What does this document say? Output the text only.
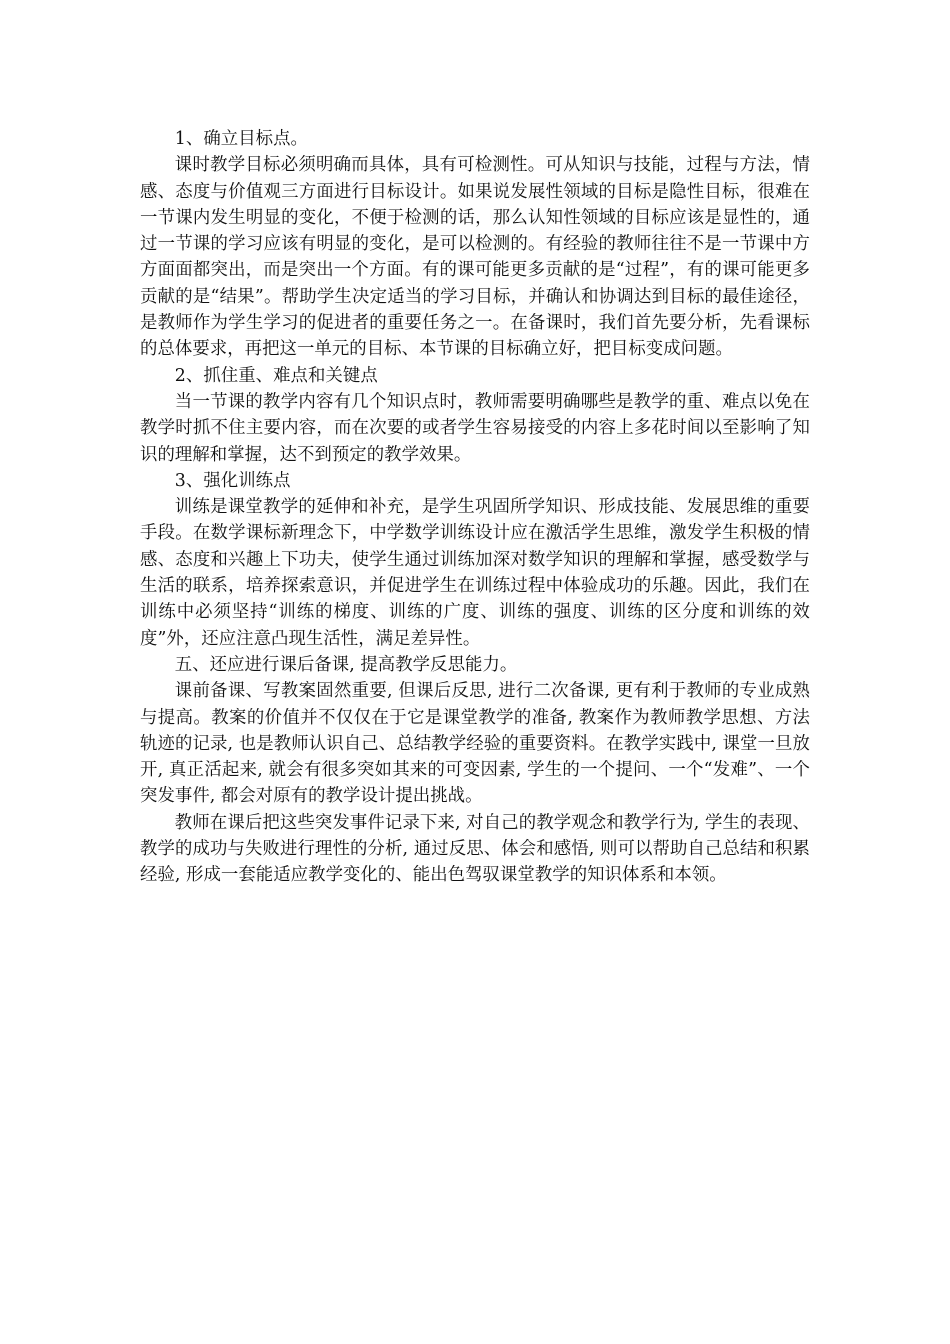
1、确立目标点。

课时教学目标必须明确而具体，具有可检测性。可从知识与技能，过程与方法，情感、态度与价值观三方面进行目标设计。如果说发展性领域的目标是隐性目标，很难在一节课内发生明显的变化，不便于检测的话，那么认知性领域的目标应该是显性的，通过一节课的学习应该有明显的变化，是可以检测的。有经验的教师往往不是一节课中方方面面都突出，而是突出一个方面。有的课可能更多贡献的是“过程”，有的课可能更多贡献的是“结果”。帮助学生决定适当的学习目标，并确认和协调达到目标的最佳途径，是教师作为学生学习的促进者的重要任务之一。在备课时，我们首先要分析，先看课标的总体要求，再把这一单元的目标、本节课的目标确立好，把目标变成问题。

2、抓住重、难点和关键点

当一节课的教学内容有几个知识点时，教师需要明确哪些是教学的重、难点以免在教学时抓不住主要内容，而在次要的或者学生容易接受的内容上多花时间以至影响了知识的理解和掌握，达不到预定的教学效果。

3、强化训练点

训练是课堂教学的延伸和补充，是学生巩固所学知识、形成技能、发展思维的重要手段。在数学课标新理念下，中学数学训练设计应在激活学生思维，激发学生积极的情感、态度和兴趣上下功夫，使学生通过训练加深对数学知识的理解和掌握，感受数学与生活的联系，培养探索意识，并促进学生在训练过程中体验成功的乐趣。因此，我们在训练中必须坚持“训练的梯度、训练的广度、训练的强度、训练的区分度和训练的效度”外，还应注意凸现生活性，满足差异性。

五、还应进行课后备课, 提高教学反思能力。

课前备课、写教案固然重要, 但课后反思, 进行二次备课, 更有利于教师的专业成熟与提高。教案的价值并不仅仅在于它是课堂教学的准备, 教案作为教师教学思想、方法轨迹的记录, 也是教师认识自己、总结教学经验的重要资料。在教学实践中, 课堂一旦放开, 真正活起来, 就会有很多突如其来的可变因素, 学生的一个提问、一个“发难”、一个突发事件, 都会对原有的教学设计提出挑战。

教师在课后把这些突发事件记录下来, 对自己的教学观念和教学行为, 学生的表现、教学的成功与失败进行理性的分析, 通过反思、体会和感悟, 则可以帮助自己总结和积累经验, 形成一套能适应教学变化的、能出色驾驭课堂教学的知识体系和本领。
